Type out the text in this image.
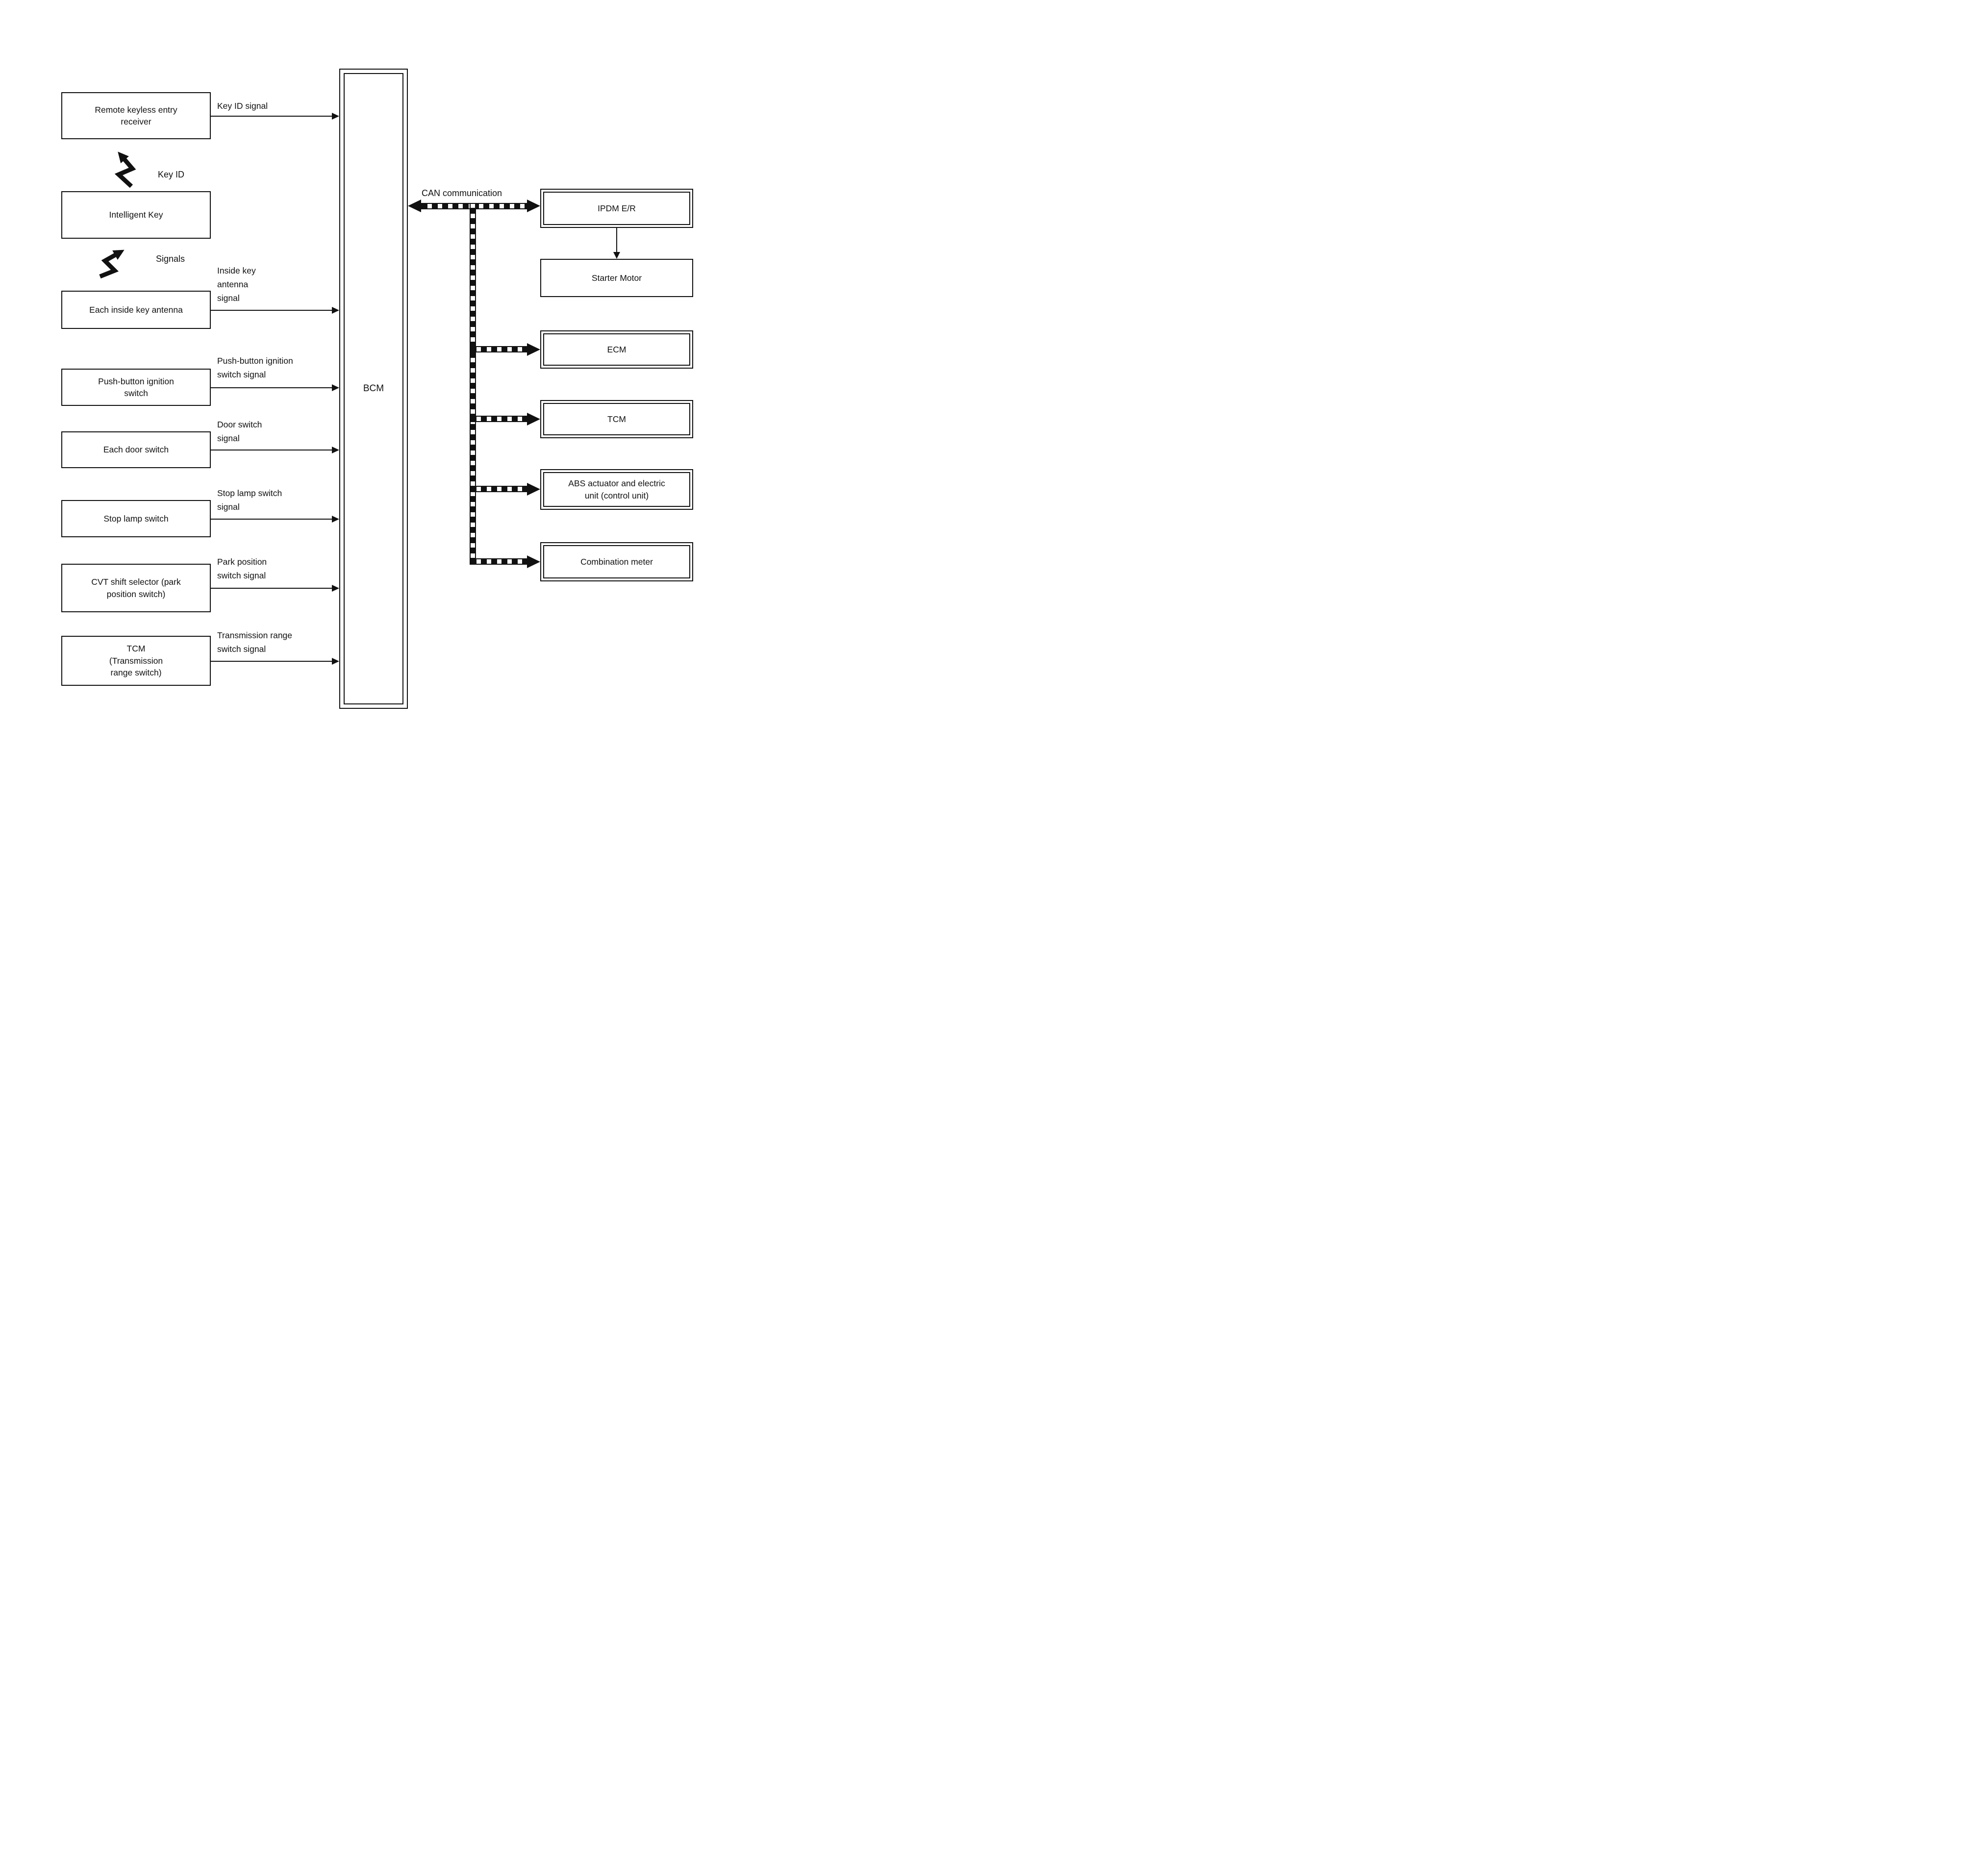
Remote keyless entry receiver
Intelligent Key
Each inside key antenna
Push-button ignition switch
Each door switch
Stop lamp switch
CVT shift selector (park position switch)
TCM (Transmission range switch)
Key ID
Signals
Key ID signal
Inside key antenna signal
Push-button ignition switch signal
Door switch signal
Stop lamp switch signal
Park position switch signal
Transmission range switch signal
BCM
CAN communication
IPDM E/R
Starter Motor
ECM
TCM
ABS actuator and electric unit (control unit)
Combination meter
